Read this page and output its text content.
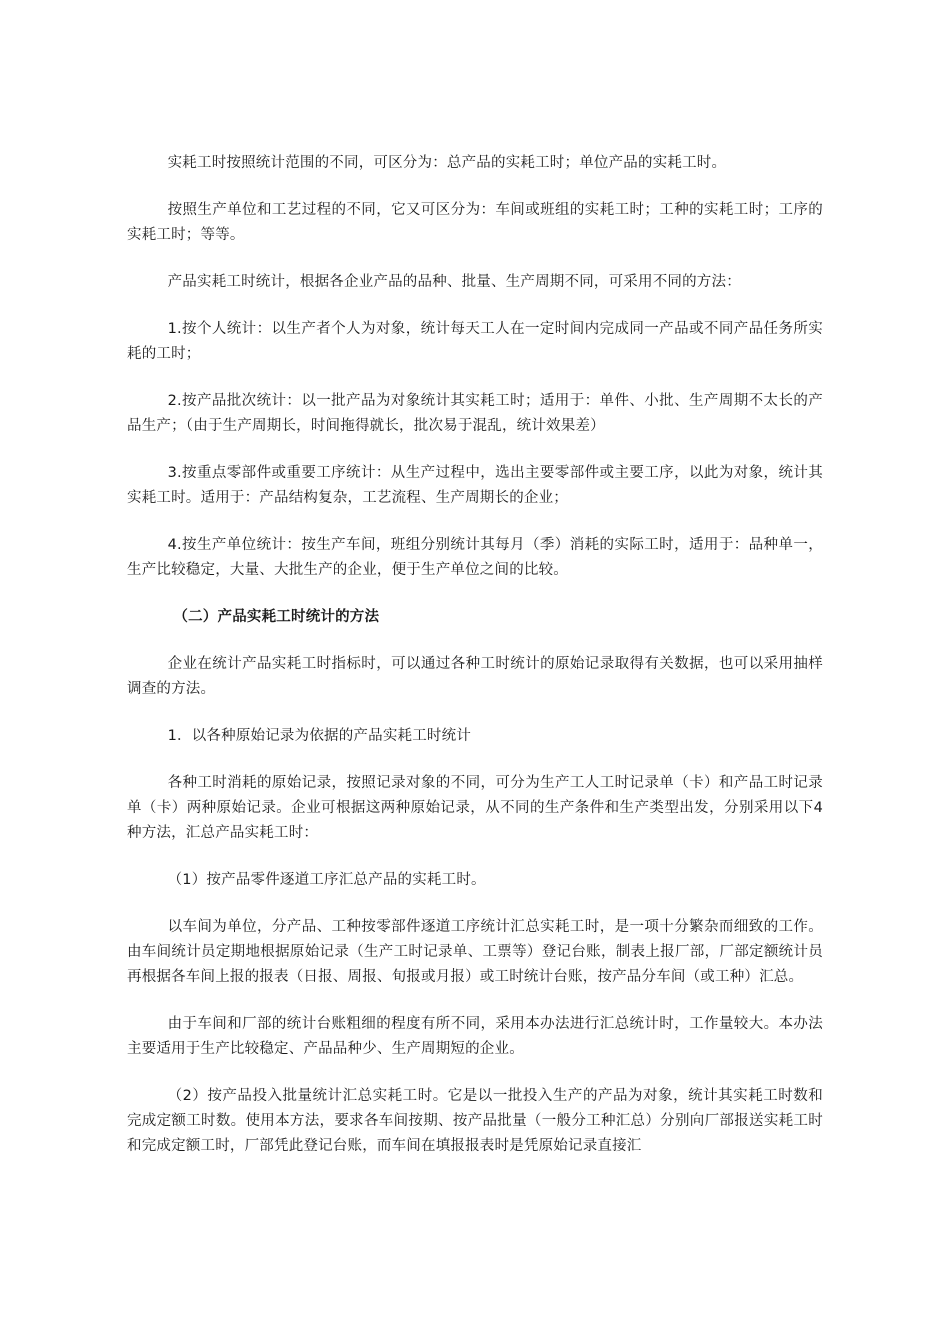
实耗工时按照统计范围的不同，可区分为：总产品的实耗工时；单位产品的实耗工时。

按照生产单位和工艺过程的不同，它又可区分为：车间或班组的实耗工时；工种的实耗工时；工序的实耗工时；等等。

产品实耗工时统计，根据各企业产品的品种、批量、生产周期不同，可采用不同的方法：

1.按个人统计：以生产者个人为对象，统计每天工人在一定时间内完成同一产品或不同产品任务所实耗的工时；

2.按产品批次统计：以一批产品为对象统计其实耗工时；适用于：单件、小批、生产周期不太长的产品生产；（由于生产周期长，时间拖得就长，批次易于混乱，统计效果差）

3.按重点零部件或重要工序统计：从生产过程中，选出主要零部件或主要工序，以此为对象，统计其实耗工时。适用于：产品结构复杂，工艺流程、生产周期长的企业；

4.按生产单位统计：按生产车间，班组分别统计其每月（季）消耗的实际工时，适用于：品种单一，生产比较稳定，大量、大批生产的企业，便于生产单位之间的比较。

（二）产品实耗工时统计的方法

企业在统计产品实耗工时指标时，可以通过各种工时统计的原始记录取得有关数据，也可以采用抽样调查的方法。

1．以各种原始记录为依据的产品实耗工时统计

各种工时消耗的原始记录，按照记录对象的不同，可分为生产工人工时记录单（卡）和产品工时记录单（卡）两种原始记录。企业可根据这两种原始记录，从不同的生产条件和生产类型出发，分别采用以下4种方法，汇总产品实耗工时：

（1）按产品零件逐道工序汇总产品的实耗工时。

以车间为单位，分产品、工种按零部件逐道工序统计汇总实耗工时，是一项十分繁杂而细致的工作。由车间统计员定期地根据原始记录（生产工时记录单、工票等）登记台账，制表上报厂部，厂部定额统计员再根据各车间上报的报表（日报、周报、旬报或月报）或工时统计台账，按产品分车间（或工种）汇总。

由于车间和厂部的统计台账粗细的程度有所不同，采用本办法进行汇总统计时，工作量较大。本办法主要适用于生产比较稳定、产品品种少、生产周期短的企业。

（2）按产品投入批量统计汇总实耗工时。它是以一批投入生产的产品为对象，统计其实耗工时数和完成定额工时数。使用本方法，要求各车间按期、按产品批量（一般分工种汇总）分别向厂部报送实耗工时和完成定额工时，厂部凭此登记台账，而车间在填报报表时是凭原始记录直接汇
